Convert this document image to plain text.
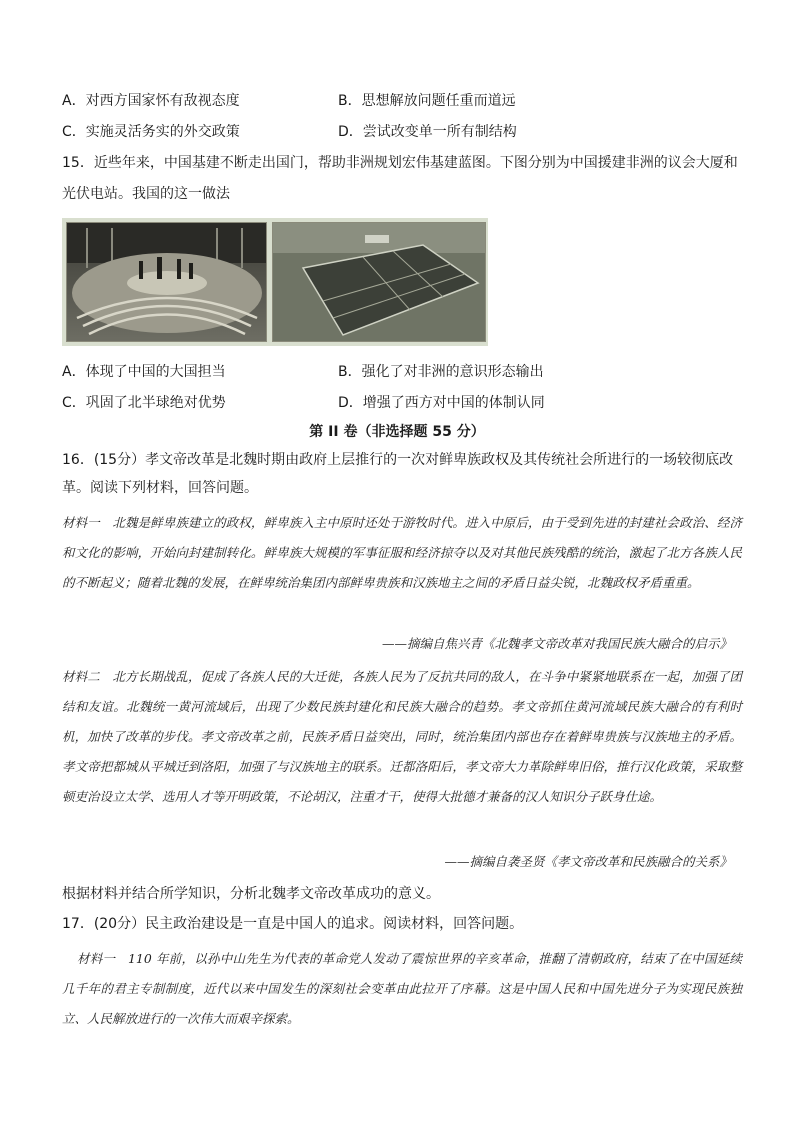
A．对西方国家怀有敌视态度	B．思想解放问题任重而道远
C．实施灵活务实的外交政策	D．尝试改变单一所有制结构
15．近些年来，中国基建不断走出国门，帮助非洲规划宏伟基建蓝图。下图分别为中国援建非洲的议会大厦和
光伏电站。我国的这一做法
A．体现了中国的大国担当	B．强化了对非洲的意识形态输出
C．巩固了北半球绝对优势	D．增强了西方对中国的体制认同
第 II 卷（非选择题 55 分）
16．(15分）孝文帝改革是北魏时期由政府上层推行的一次对鲜卑族政权及其传统社会所进行的一场较彻底改革。阅读下列材料，回答问题。
材料一　北魏是鲜卑族建立的政权，鲜卑族入主中原时还处于游牧时代。进入中原后，由于受到先进的封建社会政治、经济和文化的影响，开始向封建制转化。鲜卑族大规模的军事征服和经济掠夺以及对其他民族残酷的统治，激起了北方各族人民的不断起义；随着北魏的发展，在鲜卑统治集团内部鲜卑贵族和汉族地主之间的矛盾日益尖锐，北魏政权矛盾重重。
——摘编自焦兴青《北魏孝文帝改革对我国民族大融合的启示》
材料二　北方长期战乱，促成了各族人民的大迁徙，各族人民为了反抗共同的敌人，在斗争中紧紧地联系在一起，加强了团结和友谊。北魏统一黄河流域后，出现了少数民族封建化和民族大融合的趋势。孝文帝抓住黄河流域民族大融合的有利时机，加快了改革的步伐。孝文帝改革之前，民族矛盾日益突出，同时，统治集团内部也存在着鲜卑贵族与汉族地主的矛盾。孝文帝把都城从平城迁到洛阳，加强了与汉族地主的联系。迁都洛阳后，孝文帝大力革除鲜卑旧俗，推行汉化政策，采取整顿吏治设立太学、选用人才等开明政策，不论胡汉，注重才干，使得大批德才兼备的汉人知识分子跃身仕途。
——摘编自袭圣贤《孝文帝改革和民族融合的关系》
根据材料并结合所学知识，分析北魏孝文帝改革成功的意义。
17．(20分）民主政治建设是一直是中国人的追求。阅读材料，回答问题。
材料一　110 年前，以孙中山先生为代表的革命党人发动了震惊世界的辛亥革命，推翻了清朝政府，结束了在中国延续几千年的君主专制制度，近代以来中国发生的深刻社会变革由此拉开了序幕。这是中国人民和中国先进分子为实现民族独立、人民解放进行的一次伟大而艰辛探索。
